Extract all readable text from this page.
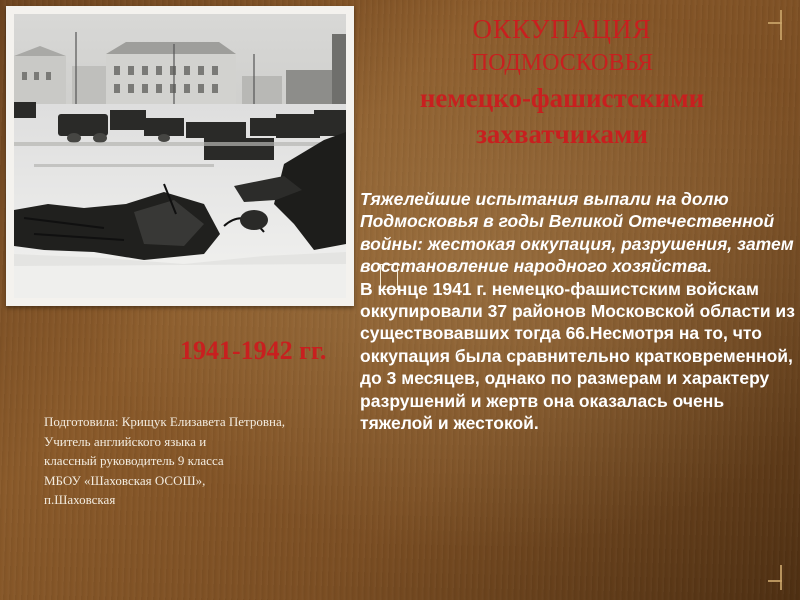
ОККУПАЦИЯ
ПОДМОСКОВЬЯ
немецко-фашистскими захватчиками
1941-1942 гг.
Тяжелейшие испытания выпали на долю Подмосковья в годы Великой Отечественной войны: жестокая оккупация, разрушения, затем восстановление народного хозяйства.
В конце 1941 г. немецко-фашистским войскам оккупировали 37 районов Московской области из существовавших тогда 66.Несмотря на то, что оккупация была сравнительно кратковременной, до 3 месяцев, однако по размерам и характеру разрушений и жертв она оказалась очень тяжелой и жестокой.
Подготовила: Крищук Елизавета Петровна,
Учитель английского языка и
классный руководитель 9 класса
МБОУ «Шаховская ОСОШ»,
п.Шаховская
